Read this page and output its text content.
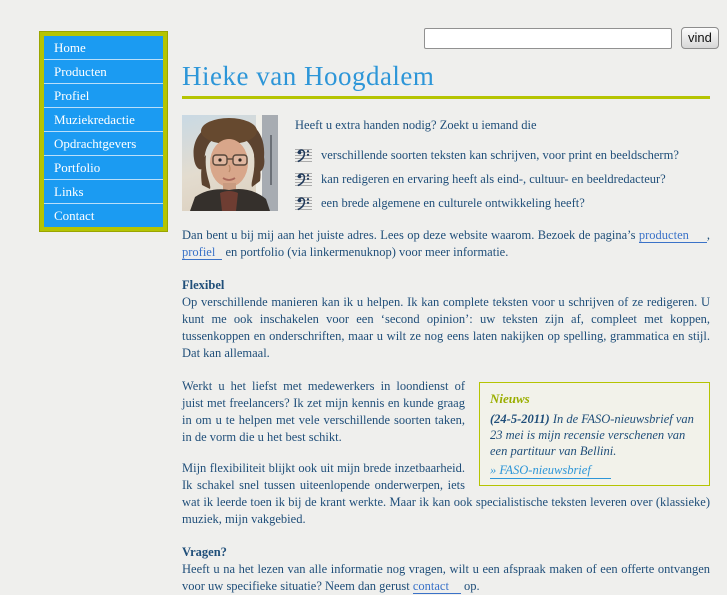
Home
Producten
Profiel
Muziekredactie
Opdrachtgevers
Portfolio
Links
Contact
vind
Hieke van Hoogdalem

Heeft u extra handen nodig? Zoekt u iemand die

verschillende soorten teksten kan schrijven, voor print en beeldscherm?
kan redigeren en ervaring heeft als eind-, cultuur- en beeldredacteur?
een brede algemene en culturele ontwikkeling heeft?

Dan bent u bij mij aan het juiste adres. Lees op deze website waarom. Bezoek de pagina’s producten , profiel en portfolio (via linkermenuknop) voor meer informatie.

Flexibel

Op verschillende manieren kan ik u helpen. Ik kan complete teksten voor u schrijven of ze redigeren. U kunt me ook inschakelen voor een ‘second opinion’: uw teksten zijn af, compleet met koppen, tussenkoppen en onderschriften, maar u wilt ze nog eens laten nakijken op spelling, grammatica en stijl. Dat kan allemaal.

Nieuws

(24-5-2011) In de FASO-nieuwsbrief van 23 mei is mijn recensie verschenen van een partituur van Bellini.
» FASO-nieuwsbrief

Werkt u het liefst met medewerkers in loondienst of juist met freelancers? Ik zet mijn kennis en kunde graag in om u te helpen met vele verschillende soorten taken, in de vorm die u het best schikt.

Mijn flexibiliteit blijkt ook uit mijn brede inzetbaarheid. Ik schakel snel tussen uiteenlopende onderwerpen, iets wat ik leerde toen ik bij de krant werkte. Maar ik kan ook specialistische teksten leveren over (klassieke) muziek, mijn vakgebied.

Vragen?

Heeft u na het lezen van alle informatie nog vragen, wilt u een afspraak maken of een offerte ontvangen voor uw specifieke situatie? Neem dan gerust contact op.
